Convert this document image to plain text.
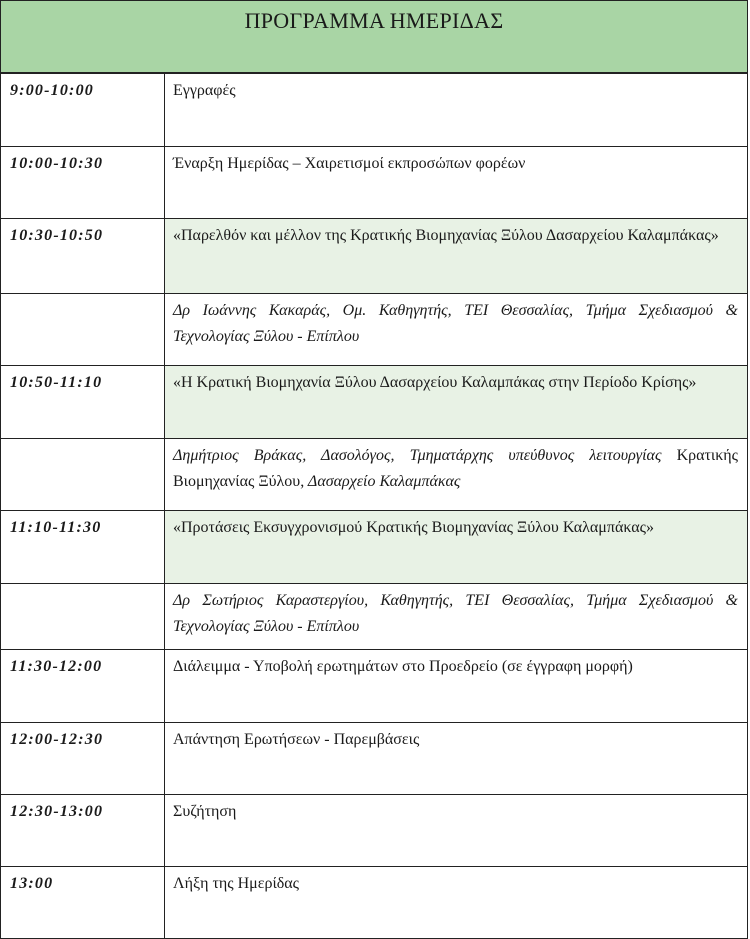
ΠΡΟΓΡΑΜΜΑ ΗΜΕΡΙΔΑΣ
9:00-10:00	Εγγραφές
10:00-10:30	Έναρξη Ημερίδας – Χαιρετισμοί εκπροσώπων φορέων
10:30-10:50	«Παρελθόν και μέλλον της Κρατικής Βιομηχανίας Ξύλου Δασαρχείου Καλαμπάκας»
	Δρ Ιωάννης Κακαράς, Ομ. Καθηγητής, ΤΕΙ Θεσσαλίας, Τμήμα Σχεδιασμού & Τεχνολογίας Ξύλου - Επίπλου
10:50-11:10	«Η Κρατική Βιομηχανία Ξύλου Δασαρχείου Καλαμπάκας στην Περίοδο Κρίσης»
	Δημήτριος Βράκας, Δασολόγος, Τμηματάρχης υπεύθυνος λειτουργίας Κρατικής Βιομηχανίας Ξύλου, Δασαρχείο Καλαμπάκας
11:10-11:30	«Προτάσεις Εκσυγχρονισμού Κρατικής Βιομηχανίας Ξύλου Καλαμπάκας»
	Δρ Σωτήριος Καραστεργίου, Καθηγητής, ΤΕΙ Θεσσαλίας, Τμήμα Σχεδιασμού & Τεχνολογίας Ξύλου - Επίπλου
11:30-12:00	Διάλειμμα - Υποβολή ερωτημάτων στο Προεδρείο (σε έγγραφη μορφή)
12:00-12:30	Απάντηση Ερωτήσεων - Παρεμβάσεις
12:30-13:00	Συζήτηση
13:00	Λήξη της Ημερίδας
